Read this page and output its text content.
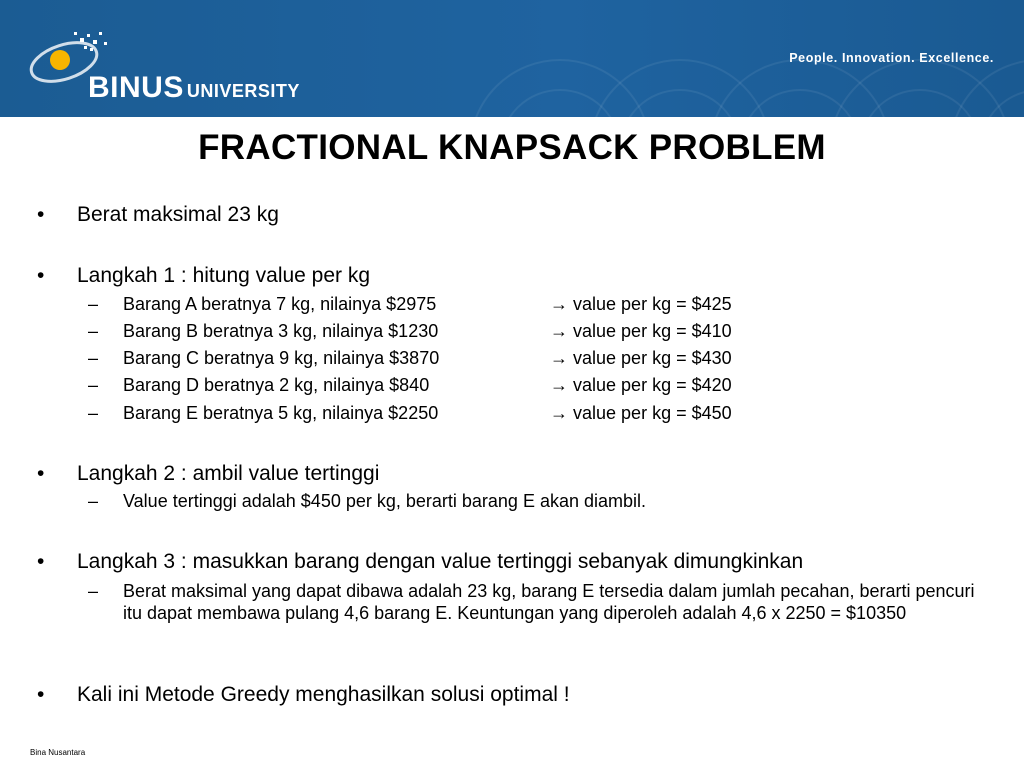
BINUS UNIVERSITY
People. Innovation. Excellence.
FRACTIONAL KNAPSACK PROBLEM
• Berat maksimal 23 kg
• Langkah 1 : hitung value per kg
– Barang A beratnya 7 kg, nilainya $2975	→ value per kg = $425
– Barang B beratnya 3 kg, nilainya $1230	→ value per kg = $410
– Barang C beratnya 9 kg, nilainya $3870	→ value per kg = $430
– Barang D beratnya 2 kg, nilainya $840	→ value per kg = $420
– Barang E beratnya 5 kg, nilainya $2250	→ value per kg = $450
• Langkah 2 : ambil value tertinggi
– Value tertinggi adalah $450 per kg, berarti barang E akan diambil.
• Langkah 3 : masukkan barang dengan value tertinggi sebanyak dimungkinkan
– Berat maksimal yang dapat dibawa adalah 23 kg, barang E tersedia dalam jumlah pecahan, berarti pencuri itu dapat membawa pulang 4,6 barang E. Keuntungan yang diperoleh adalah 4,6 x 2250 = $10350
• Kali ini Metode Greedy menghasilkan solusi optimal !
Bina Nusantara
